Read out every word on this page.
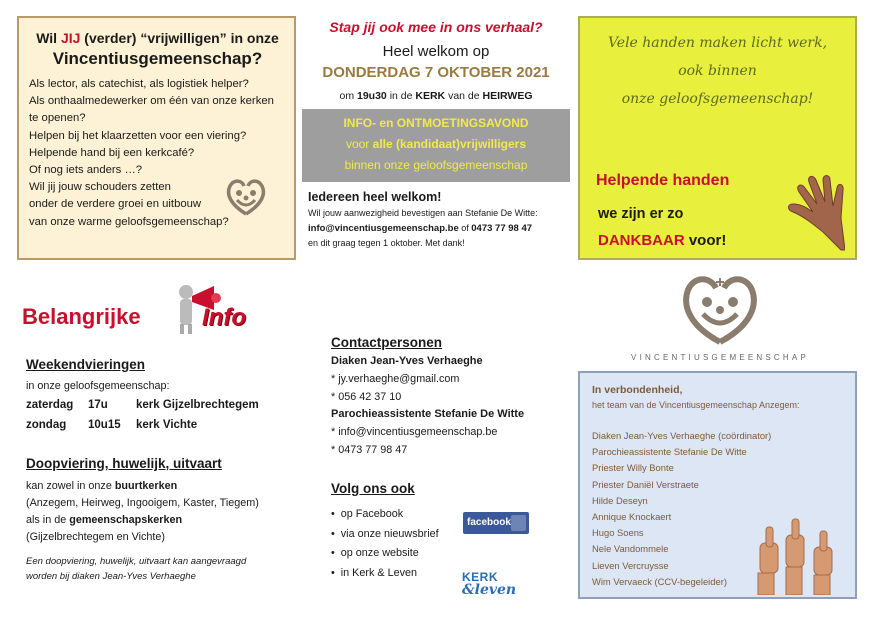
Wil JIJ (verder) “vrijwilligen” in onze
Vincentiusgemeenschap?
Als lector, als catechist, als logistiek helper?
Als onthaalmedewerker om één van onze kerken
te openen?
Helpen bij het klaarzetten voor een viering?
Helpende hand bij een kerkcafé?
Of nog iets anders …?
Wil jij jouw schouders zetten
onder de verdere groei en uitbouw
van onze warme geloofsgemeenschap?
Stap jij ook mee in ons verhaal?
Heel welkom op
DONDERDAG 7 OKTOBER 2021
om 19u30 in de KERK van de HEIRWEG
INFO- en ONTMOETINGSAVOND
voor alle (kandidaat)vrijwilligers
binnen onze geloofsgemeenschap
Iedereen heel welkom!
Wil jouw aanwezigheid bevestigen aan Stefanie De Witte:
info@vincentiusgemeenschap.be of 0473 77 98 47
en dit graag tegen 1 oktober. Met dank!
Vele handen maken licht werk,
ook binnen
onze geloofsgemeenschap!
Helpende handen
we zijn er zo
DANKBAAR voor!
Belangrijke	Info
Weekendvieringen
in onze geloofsgemeenschap:
zaterdag	17u	kerk Gijzelbrechtegem
zondag	10u15	kerk Vichte
Doopviering, huwelijk, uitvaart
kan zowel in onze buurtkerken
(Anzegem, Heirweg, Ingooigem, Kaster, Tiegem)
als in de gemeenschapskerken
(Gijzelbrechtegem en Vichte)
Een doopviering, huwelijk, uitvaart kan aangevraagd
worden bij diaken Jean-Yves Verhaeghe
Contactpersonen
Diaken Jean-Yves Verhaeghe
* jy.verhaeghe@gmail.com
* 056 42 37 10
Parochieassistente Stefanie De Witte
* info@vincentiusgemeenschap.be
* 0473 77 98 47
Volg ons ook
•  op Facebook
•  via onze nieuwsbrief
•  op onze website
•  in Kerk & Leven
facebook
KERK
&leven
VINCENTIUSGEMEENSCHAP
In verbondenheid,
het team van de Vincentiusgemeenschap Anzegem:
Diaken Jean-Yves Verhaeghe (coördinator)
Parochieassistente Stefanie De Witte
Priester Willy Bonte
Priester Daniël Verstraete
Hilde Deseyn
Annique Knockaert
Hugo Soens
Nele Vandommele
Lieven Vercruysse
Wim Vervaeck (CCV-begeleider)
